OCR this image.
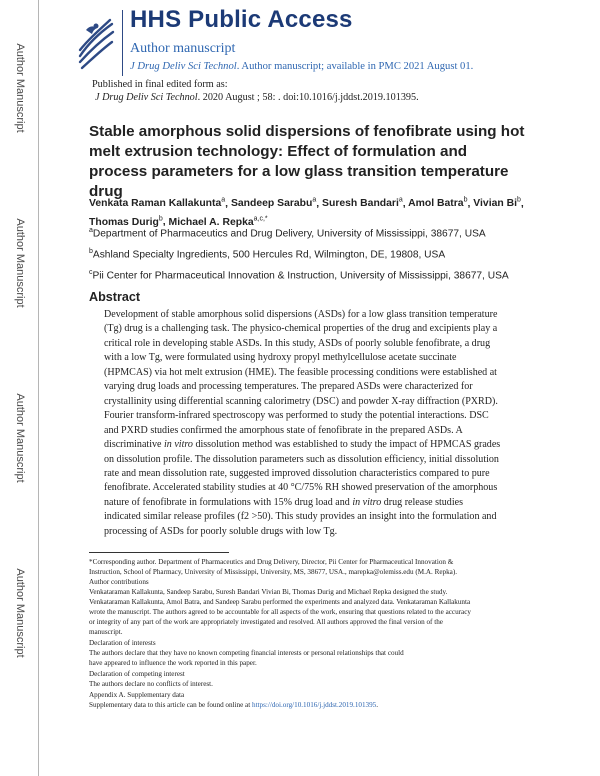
Author Manuscript
Author Manuscript
Author Manuscript
Author Manuscript
HHS Public Access
Author manuscript
J Drug Deliv Sci Technol. Author manuscript; available in PMC 2021 August 01.
Published in final edited form as:
J Drug Deliv Sci Technol. 2020 August ; 58: . doi:10.1016/j.jddst.2019.101395.
Stable amorphous solid dispersions of fenofibrate using hot melt extrusion technology: Effect of formulation and process parameters for a low glass transition temperature drug
Venkata Raman Kallakunta$^a$, Sandeep Sarabu$^a$, Suresh Bandari$^a$, Amol Batra$^b$, Vivian Bi$^b$,
Thomas Durig$^b$, Michael A. Repka$^{a,c,*}$
$^a$Department of Pharmaceutics and Drug Delivery, University of Mississippi, 38677, USA
$^b$Ashland Specialty Ingredients, 500 Hercules Rd, Wilmington, DE, 19808, USA
$^c$Pii Center for Pharmaceutical Innovation & Instruction, University of Mississippi, 38677, USA
Abstract
Development of stable amorphous solid dispersions (ASDs) for a low glass transition temperature
(Tg) drug is a challenging task. The physico-chemical properties of the drug and excipients play a
critical role in developing stable ASDs. In this study, ASDs of poorly soluble fenofibrate, a drug
with a low Tg, were formulated using hydroxy propyl methylcellulose acetate succinate
(HPMCAS) via hot melt extrusion (HME). The feasible processing conditions were established at
varying drug loads and processing temperatures. The prepared ASDs were characterized for
crystallinity using differential scanning calorimetry (DSC) and powder X-ray diffraction (PXRD).
Fourier transform-infrared spectroscopy was performed to study the potential interactions. DSC
and PXRD studies confirmed the amorphous state of fenofibrate in the prepared ASDs. A
discriminative in vitro dissolution method was established to study the impact of HPMCAS grades
on dissolution profile. The dissolution parameters such as dissolution efficiency, initial dissolution
rate and mean dissolution rate, suggested improved dissolution characteristics compared to pure
fenofibrate. Accelerated stability studies at 40 °C/75% RH showed preservation of the amorphous
nature of fenofibrate in formulations with 15% drug load and in vitro drug release studies
indicated similar release profiles (f2 >50). This study provides an insight into the formulation and
processing of ASDs for poorly soluble drugs with low Tg.

*Corresponding author. Department of Pharmaceutics and Drug Delivery, Director, Pii Center for Pharmaceutical Innovation &

Instruction, School of Pharmacy, University of Mississippi, University, MS, 38677, USA., marepka@olemiss.edu (M.A. Repka).

Author contributions

Venkataraman Kallakunta, Sandeep Sarabu, Suresh Bandari Vivian Bi, Thomas Durig and Michael Repka designed the study.

Venkataraman Kallakunta, Amol Batra, and Sandeep Sarabu performed the experiments and analyzed data. Venkataraman Kallakunta

wrote the manuscript. The authors agreed to be accountable for all aspects of the work, ensuring that questions related to the accuracy

or integrity of any part of the work are appropriately investigated and resolved. All authors approved the final version of the

manuscript.

Declaration of interests

The authors declare that they have no known competing financial interests or personal relationships that could

have appeared to influence the work reported in this paper.

Declaration of competing interest

The authors declare no conflicts of interest.

Appendix A. Supplementary data

Supplementary data to this article can be found online at https://doi.org/10.1016/j.jddst.2019.101395.
